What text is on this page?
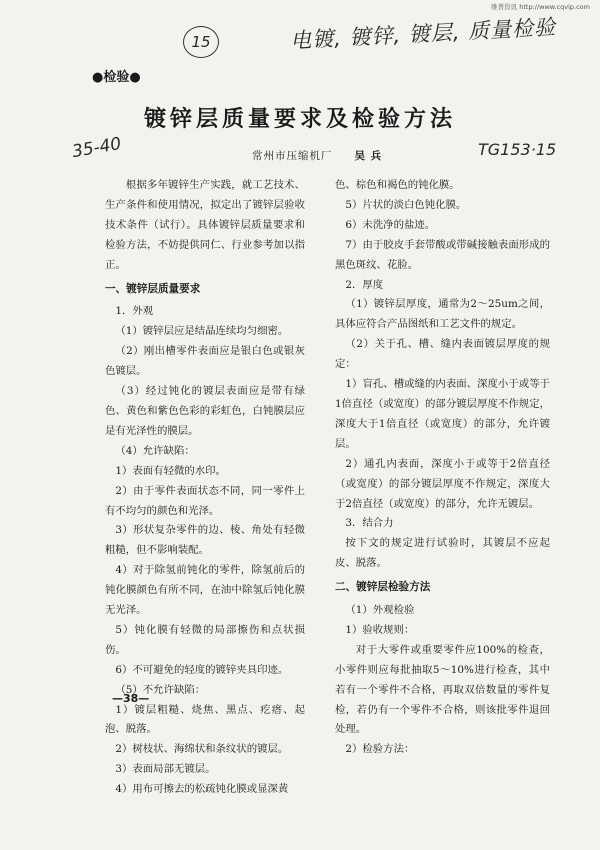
维普资讯 http://www.cqvip.com
15	电镀, 镀锌, 镀层, 质量检验
35-40	TG153·15
●检验●
镀锌层质量要求及检验方法
常州市压缩机厂 吴 兵

根据多年镀锌生产实践，就工艺技术、生产条件和使用情况，拟定出了镀锌层验收技术条件（试行）。具体镀锌层质量要求和检验方法，不妨提供同仁、行业参考加以指正。

一、镀锌层质量要求

1．外观

（1）镀锌层应是结晶连续均匀细密。

（2）刚出槽零件表面应是银白色或银灰色镀层。

（3）经过钝化的镀层表面应是带有绿色、黄色和紫色色彩的彩虹色，白钝膜层应是有光泽性的膜层。

（4）允许缺陷：

1）表面有轻微的水印。

2）由于零件表面状态不同，同一零件上有不均匀的颜色和光泽。

3）形状复杂零件的边、棱、角处有轻微粗糙，但不影响装配。

4）对于除氢前钝化的零件，除氢前后的钝化膜颜色有所不同，在油中除氢后钝化膜无光泽。

5）钝化膜有轻微的局部擦伤和点状损伤。

6）不可避免的轻度的镀锌夹具印迹。

（5）不允许缺陷：

1）镀层粗糙、烧焦、黑点、疙瘩、起泡、脱落。

2）树枝状、海绵状和条纹状的镀层。

3）表面局部无镀层。

4）用布可擦去的松疏钝化膜或显深黄

色、棕色和褐色的钝化膜。

5）片状的淡白色钝化膜。

6）未洗净的盐迹。

7）由于胶皮手套带酸或带碱接触表面形成的黑色斑纹、花脸。

2．厚度

（1）镀锌层厚度，通常为2～25um之间，具体应符合产品图纸和工艺文件的规定。

（2）关于孔、槽、缝内表面镀层厚度的规定：

1）盲孔、槽或缝的内表面、深度小于或等于1倍直径（或宽度）的部分镀层厚度不作规定，深度大于1倍直径（或宽度）的部分，允许镀层。

2）通孔内表面，深度小于或等于2倍直径（或宽度）的部分镀层厚度不作规定，深度大于2倍直径（或宽度）的部分，允许无镀层。

3．结合力

按下文的规定进行试验时，其镀层不应起皮、脱落。

二、镀锌层检验方法

（1）外观检验

1）验收规则：

对于大零件或重要零件应100%的检查，小零件则应每批抽取5～10%进行检查，其中若有一个零件不合格，再取双倍数量的零件复检，若仍有一个零件不合格，则该批零件退回处理。

2）检验方法：

—38—
